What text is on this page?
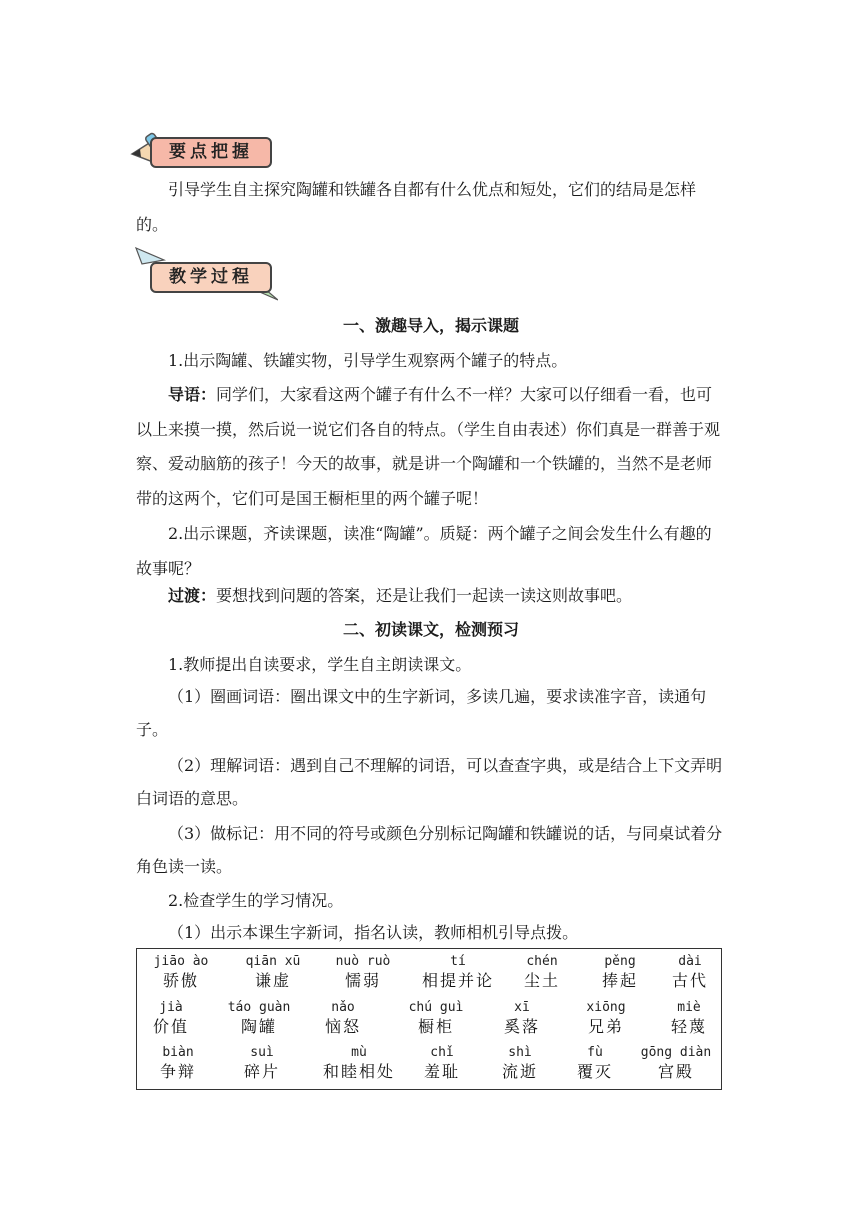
要点把握
引导学生自主探究陶罐和铁罐各自都有什么优点和短处，它们的结局是怎样的。
教学过程
一、激趣导入，揭示课题
1.出示陶罐、铁罐实物，引导学生观察两个罐子的特点。
导语：同学们，大家看这两个罐子有什么不一样？大家可以仔细看一看，也可以上来摸一摸，然后说一说它们各自的特点。（学生自由表述）你们真是一群善于观察、爱动脑筋的孩子！今天的故事，就是讲一个陶罐和一个铁罐的，当然不是老师带的这两个，它们可是国王橱柜里的两个罐子呢！
2.出示课题，齐读课题，读准“陶罐”。质疑：两个罐子之间会发生什么有趣的故事呢？
过渡：要想找到问题的答案，还是让我们一起读一读这则故事吧。
二、初读课文，检测预习
1.教师提出自读要求，学生自主朗读课文。
（1）圈画词语：圈出课文中的生字新词，多读几遍，要求读准字音，读通句子。
（2）理解词语：遇到自己不理解的词语，可以查查字典，或是结合上下文弄明白词语的意思。
（3）做标记：用不同的符号或颜色分别标记陶罐和铁罐说的话，与同桌试着分角色读一读。
2.检查学生的学习情况。
（1）出示本课生字新词，指名认读，教师相机引导点拨。
jiāo ào
骄傲
qiān xū
谦虚
nuò ruò
懦弱
tí
相提并论
chén
尘土
pěng
捧起
dài
古代
jià
价值
táo guàn
陶罐
nǎo
恼怒
chú guì
橱柜
xī
奚落
xiōng
兄弟
miè
轻蔑
biàn
争辩
suì
碎片
mù
和睦相处
chǐ
羞耻
shì
流逝
fù
覆灭
gōng diàn
宫殿
